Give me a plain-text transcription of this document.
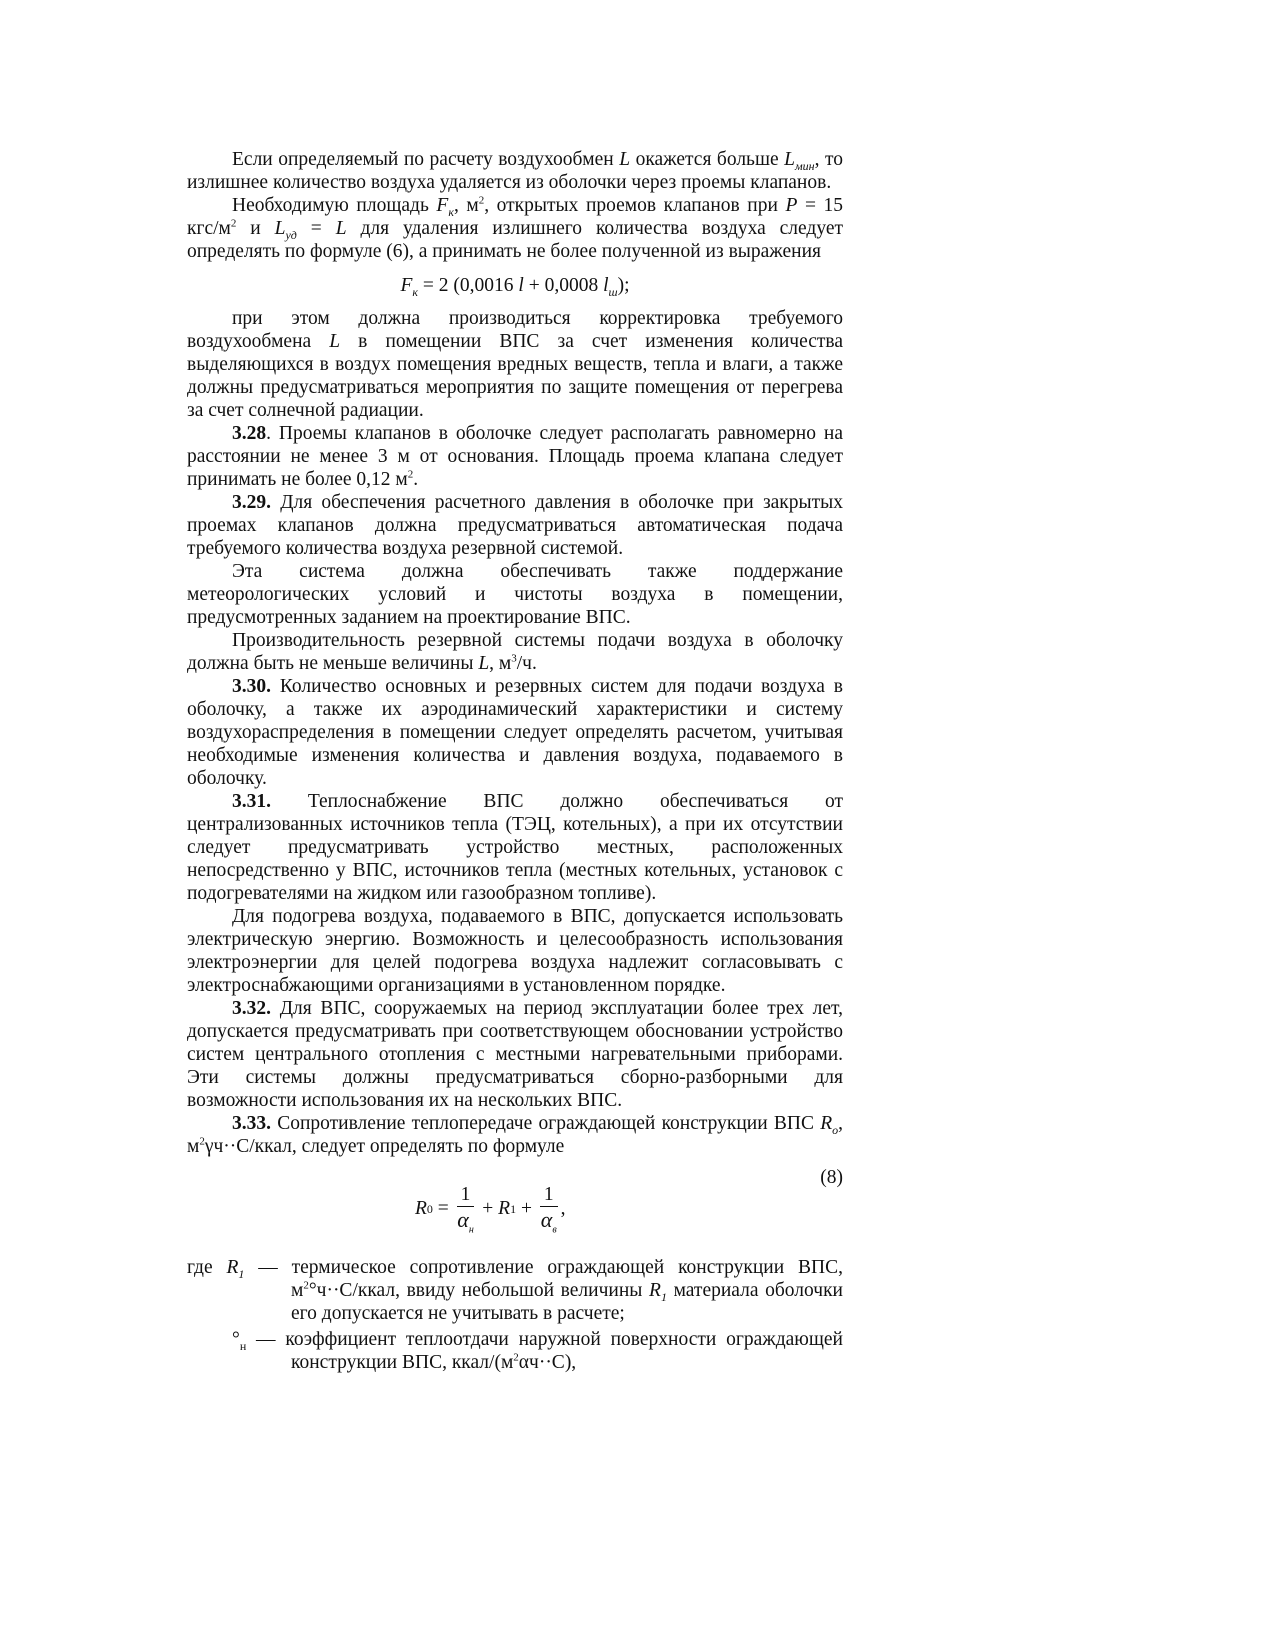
Если определяемый по расчету воздухообмен L окажется больше $L_{мин}$, то излишнее количество воздуха удаляется из оболочки через проемы клапанов.

Необходимую площадь $F_к$, $м^2$, открытых проемов клапанов при P = 15 кгс/$м^2$ и $L_{уд} = L$ для удаления излишнего количества воздуха следует определять по формуле (6), а принимать не более полученной из выражения

$F_к = 2$ (0,0016 l + 0,0008 $l_ш$);

при этом должна производиться корректировка требуемого воздухообмена L в помещении ВПС за счет изменения количества выделяющихся в воздух помещения вредных веществ, тепла и влаги, а также должны предусматриваться мероприятия по защите помещения от перегрева за счет солнечной радиации.

3.28. Проемы клапанов в оболочке следует располагать равномерно на расстоянии не менее 3 м от основания. Площадь проема клапана следует принимать не более 0,12 $м^2$.

3.29. Для обеспечения расчетного давления в оболочке при закрытых проемах клапанов должна предусматриваться автоматическая подача требуемого количества воздуха резервной системой.

Эта система должна обеспечивать также поддержание метеорологических условий и чистоты воздуха в помещении, предусмотренных заданием на проектирование ВПС.

Производительность резервной системы подачи воздуха в оболочку должна быть не меньше величины L, $м^3/ч$.

3.30. Количество основных и резервных систем для подачи воздуха в оболочку, а также их аэродинамический характеристики и систему воздухораспределения в помещении следует определять расчетом, учитывая необходимые изменения количества и давления воздуха, подаваемого в оболочку.

3.31. Теплоснабжение ВПС должно обеспечиваться от централизованных источников тепла (ТЭЦ, котельных), а при их отсутствии следует предусматривать устройство местных, расположенных непосредственно у ВПС, источников тепла (местных котельных, установок с подогревателями на жидком или газообразном топливе).

Для подогрева воздуха, подаваемого в ВПС, допускается использовать электрическую энергию. Возможность и целесообразность использования электроэнергии для целей подогрева воздуха надлежит согласовывать с электроснабжающими организациями в установленном порядке.

3.32. Для ВПС, сооружаемых на период эксплуатации более трех лет, допускается предусматривать при соответствующем обосновании устройство систем центрального отопления с местными нагревательными приборами. Эти системы должны предусматриваться сборно-разборными для возможности использования их на нескольких ВПС.

3.33. Сопротивление теплопередаче ограждающей конструкции ВПС $R_о$, $м^2\gamma ч\cdot\cdot С$/ккал, следует определять по формуле

(8)
R $0 = \frac{1}{\alpha_н} + R$ $1 + \frac{1}{\alpha_в}$ ,

где $R_1$ — термическое сопротивление ограждающей конструкции ВПС, $м^2^\circ ч\cdot\cdot С$/ккал, ввиду небольшой величины $R_1$ материала оболочки его допускается не учитывать в расчете;

$^\circ_н$ — коэффициент теплоотдачи наружной поверхности ограждающей конструкции ВПС, ккал/$(м^2\alpha ч\cdot\cdot С)$,
